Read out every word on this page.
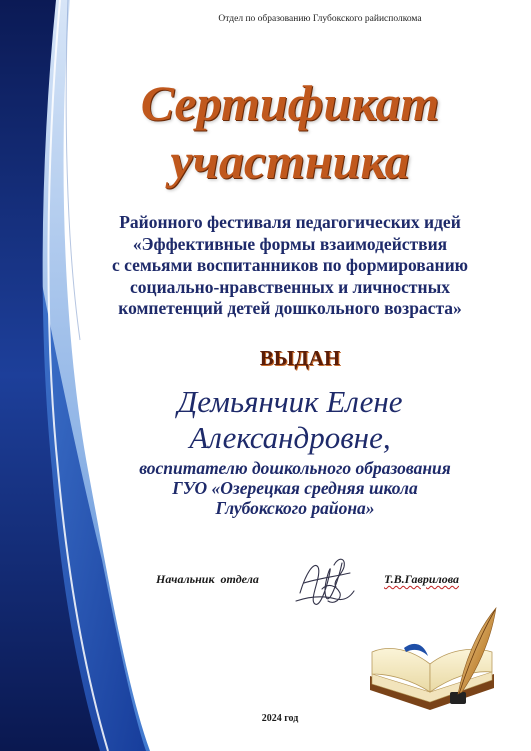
Отдел по образованию Глубокского райисполкома
Сертификат
участника
Районного фестиваля педагогических идей
«Эффективные формы взаимодействия
с семьями воспитанников по формированию
социально-нравственных и личностных
компетенций детей дошкольного возраста»
ВЫДАН
Демьянчик Елене
Александровне,
воспитателю дошкольного образования
ГУО «Озерецкая средняя школа
Глубокского района»
Начальник  отдела	Т.В.Гаврилова
2024 год
